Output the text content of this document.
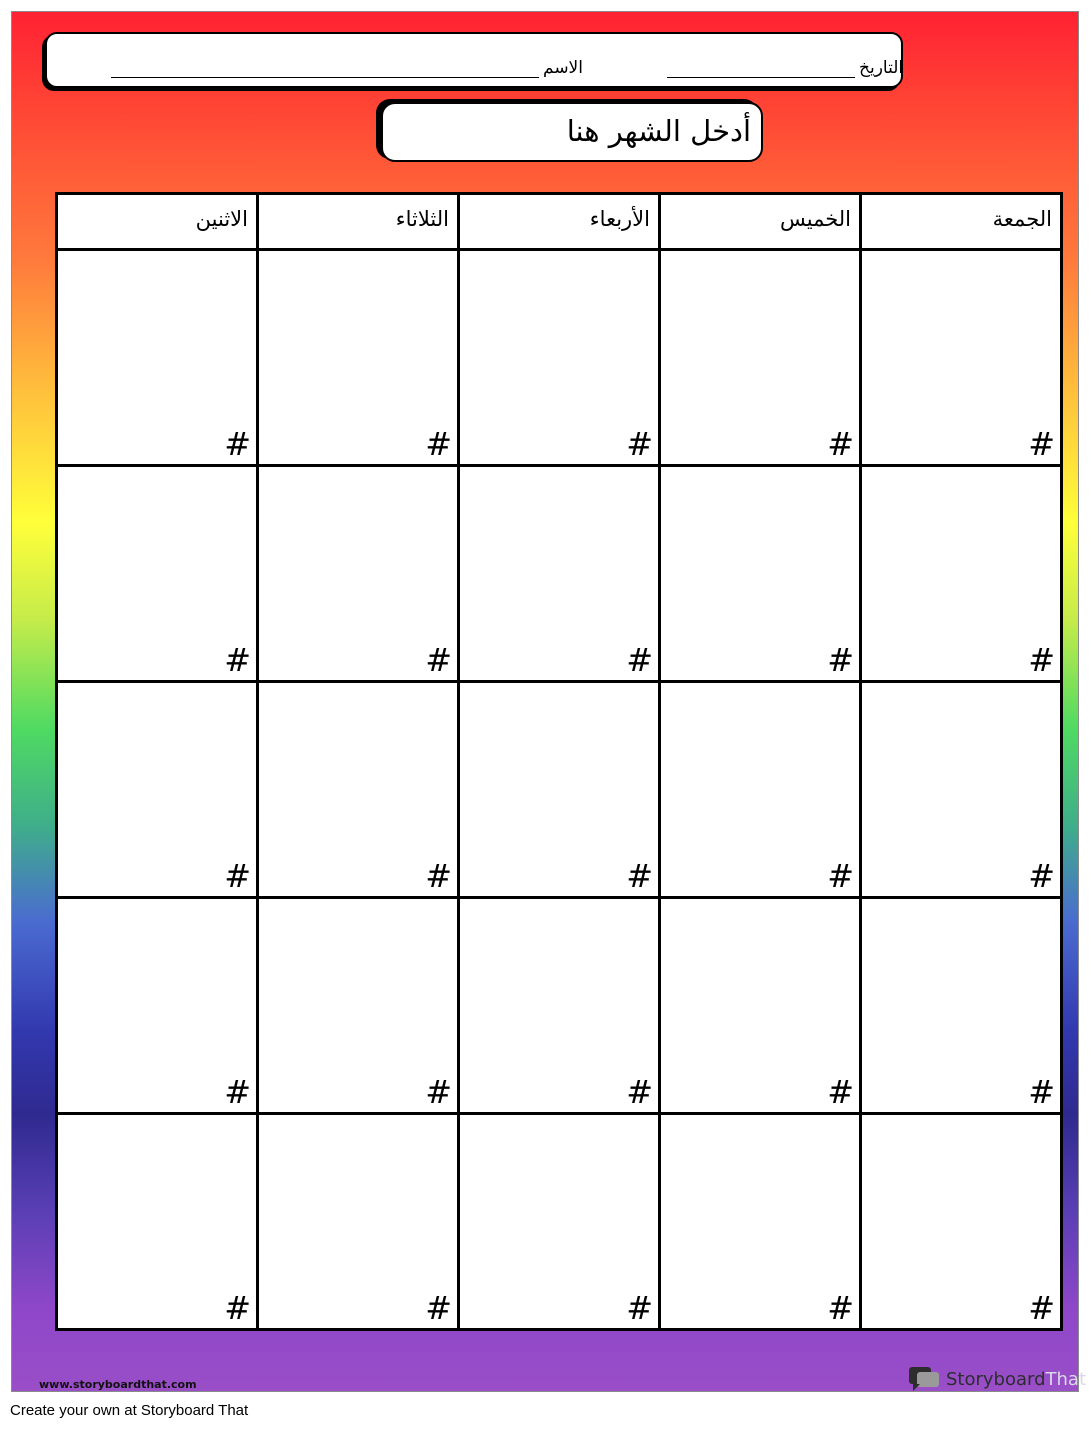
الاسم	التاريخ
أدخل الشهر هنا
الاثنين	الثلاثاء	الأربعاء	الخميس	الجمعة

#	#	#	#	#

#	#	#	#	#

#	#	#	#	#

#	#	#	#	#

#	#	#	#	#
www.storyboardthat.com	StoryboardThat
Create your own at Storyboard That
